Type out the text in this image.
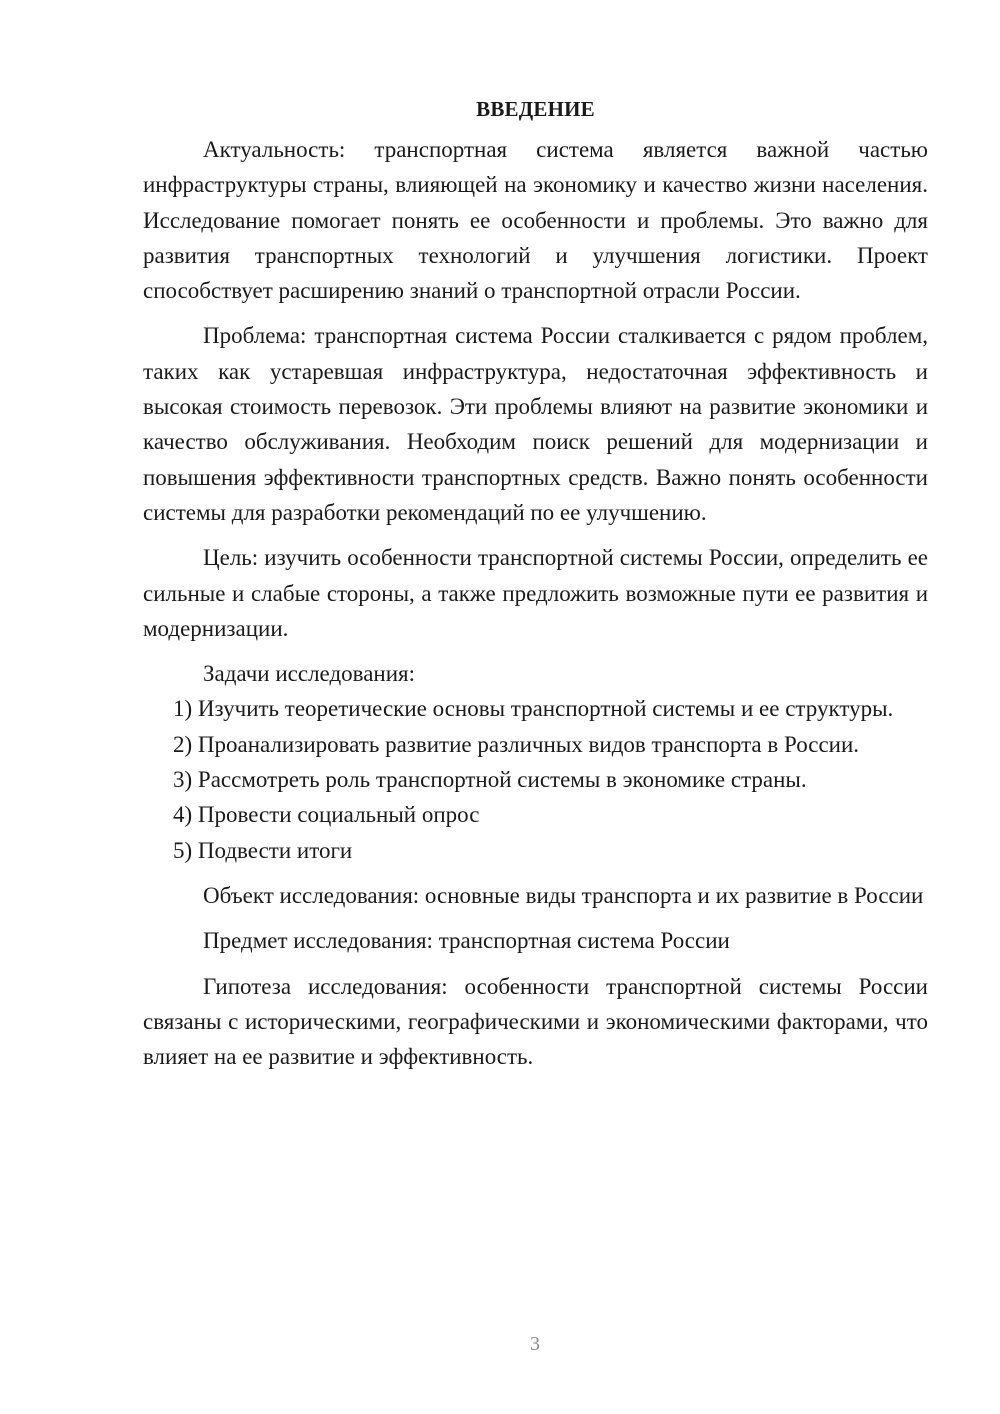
ВВЕДЕНИЕ

Актуальность: транспортная система является важной частью инфраструктуры страны, влияющей на экономику и качество жизни населения. Исследование помогает понять ее особенности и проблемы. Это важно для развития транспортных технологий и улучшения логистики. Проект способствует расширению знаний о транспортной отрасли России.

Проблема: транспортная система России сталкивается с рядом проблем, таких как устаревшая инфраструктура, недостаточная эффективность и высокая стоимость перевозок. Эти проблемы влияют на развитие экономики и качество обслуживания. Необходим поиск решений для модернизации и повышения эффективности транспортных средств. Важно понять особенности системы для разработки рекомендаций по ее улучшению.

Цель: изучить особенности транспортной системы России, определить ее сильные и слабые стороны, а также предложить возможные пути ее развития и модернизации.

Задачи исследования:

1) Изучить теоретические основы транспортной системы и ее структуры.

2) Проанализировать развитие различных видов транспорта в России.

3) Рассмотреть роль транспортной системы в экономике страны.

4) Провести социальный опрос

5) Подвести итоги

Объект исследования: основные виды транспорта и их развитие в России

Предмет исследования: транспортная система России

Гипотеза исследования: особенности транспортной системы России связаны с историческими, географическими и экономическими факторами, что влияет на ее развитие и эффективность.

3
